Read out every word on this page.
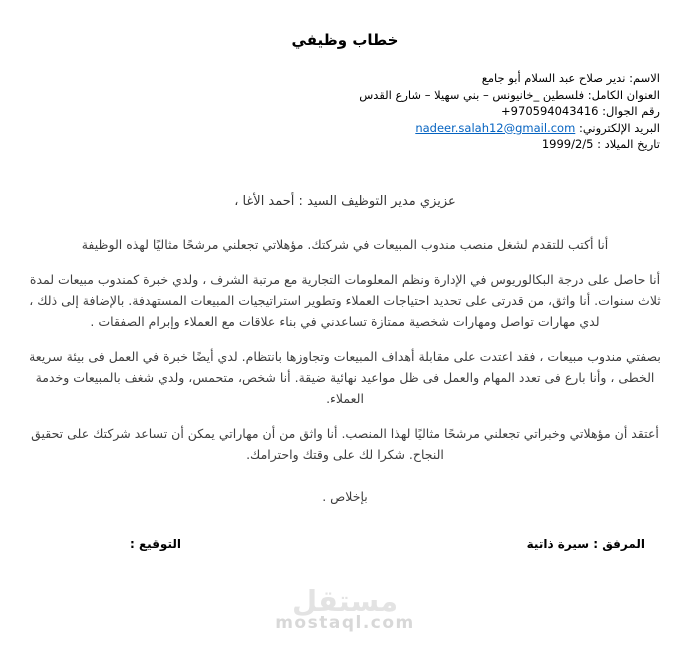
خطاب وظيفي
الاسم: ندير صلاح عبد السلام أبو جامع
العنوان الكامل: فلسطين _خانيونس – بني سهيلا – شارع القدس
رقم الجوال: +970594043416
البريد الإلكتروني: nadeer.salah12@gmail.com
تاريخ الميلاد : 1999/2/5

عزيزي مدير التوظيف السيد : أحمد الأغا ،

أنا أكتب للتقدم لشغل منصب مندوب المبيعات في شركتك. مؤهلاتي تجعلني مرشحًا مثاليًا لهذه الوظيفة

أنا حاصل على درجة البكالوريوس في الإدارة ونظم المعلومات التجارية مع مرتبة الشرف ، ولدي خبرة كمندوب مبيعات لمدة ثلاث سنوات. أنا واثق، من قدرتى على تحديد احتياجات العملاء وتطوير استراتيجيات المبيعات المستهدفة. بالإضافة إلى ذلك ، لدي مهارات تواصل ومهارات شخصية ممتازة تساعدني في بناء علاقات مع العملاء وإبرام الصفقات .

بصفتي مندوب مبيعات ، فقد اعتدت على مقابلة أهداف المبيعات وتجاوزها بانتظام. لدي أيضًا خبرة في العمل فى بيئة سريعة الخطى ، وأنا بارع فى تعدد المهام والعمل فى ظل مواعيد نهائية ضيقة. أنا شخص، متحمس، ولدي شغف بالمبيعات وخدمة العملاء.

أعتقد أن مؤهلاتي وخبراتي تجعلني مرشحًا مثاليًا لهذا المنصب. أنا واثق من أن مهاراتي يمكن أن تساعد شركتك على تحقيق النجاح. شكرا لك على وقتك واحترامك.

بإخلاص .

المرفق : سيرة ذاتية
التوقيع :
مستقل
mostaql.com
